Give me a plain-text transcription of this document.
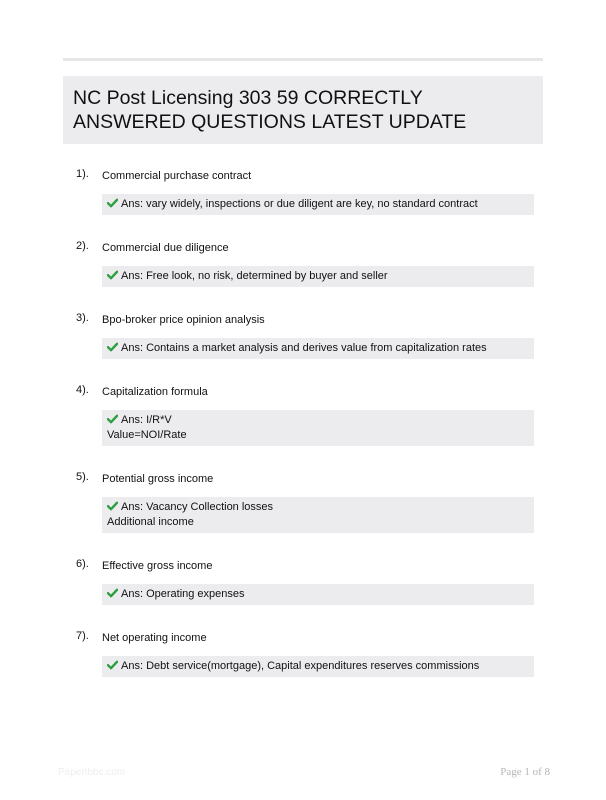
NC Post Licensing 303 59 CORRECTLY ANSWERED QUESTIONS LATEST UPDATE
1). Commercial purchase contract
Ans: vary widely, inspections or due diligent are key, no standard contract
2). Commercial due diligence
Ans: Free look, no risk, determined by buyer and seller
3). Bpo-broker price opinion analysis
Ans: Contains a market analysis and derives value from capitalization rates
4). Capitalization formula
Ans: I/R*V
Value=NOI/Rate
5). Potential gross income
Ans: Vacancy Collection losses
Additional income
6). Effective gross income
Ans: Operating expenses
7). Net operating income
Ans: Debt service(mortgage), Capital expenditures reserves commissions
Papertbbc.com	Page 1 of 8
